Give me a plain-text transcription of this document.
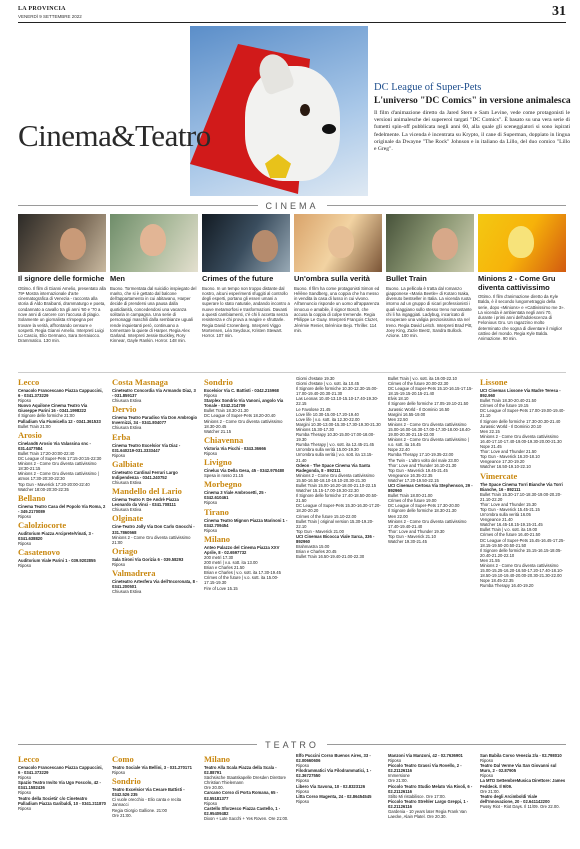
LA PROVINCIA
VENERDÌ 9 SETTEMBRE 2022	31
Cinema&Teatro
DC League of Super-Pets
L'universo "DC Comics" in versione animalesca
Il film d'animazione diretto da Jared Stern e Sam Levine, vede come protagonisti le versioni animalesche dei supereroi targati "DC Comics". È basato su una vera serie di fumetti spin-off pubblicata negli anni 60, alla quale gli sceneggiatori si sono ispirati fedelmente. La vicenda è incentrata su Krypto, il cane di Superman, doppiato in lingua originale da Dwayne "The Rock" Johnson e in italiano da Lillo, del duo comico "Lillo e Greg".
CINEMA
Il signore delle formiche
Ottimo. Il film di Gianni Amelio, presentato alla 79ª Mostra internazionale d'arte cinematografica di Venezia - racconta alla storia di Aldo Braibanti, drammaturgo e poeta, condannato a cavallo tra gli anni '60 e '70 a nove anni di carcere con l'accusa di plagio. Solamente un giornalista s'impegna per trovare la verità, affrontando censure e sospetti. Regia Gianni Amelio. Interpreti Luigi Lo Cascio, Elio Germano, Sara Serraiocco. Drammatico. 130 min.
Men
Buono. Tormentata dal suicidio inspiegato del marito, che si è gettato dal balcone dell'appartamento in cui abitavano, Harper decide di prendersi una pausa dalla quotidianità, concedendosi una vacanza solitaria in campagna. Una serie di personaggi maschili dalla sembianze uguali rende inquietanti però, continuano a tormentare la quiete di Harper. Regia Alex Garland. Interpreti Jessie Buckley, Rory Kinnear, Gayle Rankin. Horror. 148 min.
Crimes of the future
Buono. In un tempo non troppo distante dal nostro, alcuni esperimenti sfuggiti al controllo degli esperti, portano gli esseri umani a superare lo stato naturale, andando incontro a nuove metamorfosi e trasformazioni. Davanti a questi cambiamenti, c'è chi li accetta senza resistenza e chi prova a reagire e sfruttarle. Regia David Cronenberg. Interpreti Viggo Mortensen, Léa Seydoux, Kristen Stewart. Horror. 107 min.
Un'ombra sulla verità
Buono. Il film ha come protagonisti Simon ed Hélène Sandberg, una coppia che ha messo in vendita la casa di lusso in cui vivono. All'annuncio risponde un uomo all'apparenza innocuo e amabile, il signor Bosch, che accusa la coppia di colpe tremende. Regia Philippe Le Guay. Interpreti François Cluzet, Jérémie Renier, Bérénice Bejo. Thriller. 114 min.
Bullet Train
Buono. La pellicola è tratta dal romanzo giapponese «Maria Beetle» di Kotaro Isaka, divenuto bestseller in Italia. La vicenda ruota intorno ad un gruppo di sicari professionisti i quali viaggiano sullo stesso treno nonostante chi li ha ingaggiati. Ladybug, incaricato di recuperare una valigia preziosissima sta nel treno. Regia David Leitch. Interpreti Brad Pitt, Joey King, Zazie Beetz, Sandra Bullock. Azione. 100 min.
Minions 2 - Come Gru diventa cattivissimo
Ottimo. Il film d'animazione diretto da Kyle Balda, è il secondo lungometraggio della serie, dopo «Minions» e «Cattivissimo me 3». La vicenda è ambientata negli anni 70, durante i primi anni dell'adolescenza di Felonious Gru. Un ragazzino molto determinato che sogna di diventare il miglior cattivo del mondo. Regia Kyle Balda. Animazione. 90 min.
Lecco
Cenacolo Francescano Piazza Cappuccini, 6 - 0341.373229
Riposo
Nuovo Aquilone Cinema Teatro Via Giuseppe Parini 16 - 0341.1998222
Il Signore delle formiche 21:00
Palladium Via Fiumicella 12 - 0341.361533
Bullet Train 21:00
Arosio
Cineland6 Arosio Via Valassina snc - 031.4477584
Bullet Train 17:20-20:00-22:40
DC League of Super-Pets 17:15-20:15-22:30
Minions 2 - Come Gru diventa cattivissimo 18:30-21:15
Minions 2 - Come Gru diventa cattivissimo | atmos 17:30-20:30-22:30
Top Gun - Maverick 17:20-20:00-22:40
Watcher 18:00-20:30-22:35
Bellano
Cinema Teatro Casa del Popolo Via Roma, 2 - 349.2170089
Riposo
Calolziocorte
Auditorium Piazza Arciprete/Vinati, 3 - 0341.638820
Riposo
Casatenovo
Auditorium Viale Parini 1 - 039.9202855
Riposo
Costa Masnaga
Cineteatro Concordia Via Armando Diaz, 3 - 031.859137
Chiusura Estiva
Dervio
Cinema Teatro Paradiso Via Don Ambrogio Invernizzi, 34 - 0341.804077
Chiusura Estiva
Erba
Cinema Teatro Excelsior Via Diaz - 031.640219-031.3333447
Riposo
Galbiate
Cineteatro Cardinal Ferrari Largo Indipendenza - 0341.240752
Chiusura Estiva
Mandello del Lario
Cinema Teatro F. De Andrè Piazza Leonardo da Vinci - 0341.708111
Chiusura Estiva
Olginate
Cine-Teatro Jolly Via Don Carlo Gnocchi - 331.7860568
Minions 2 - Come Gru diventa cattivissimo 21:00
Oriago
Sala Sironi Via Gorizia 6 - 039.58293
Riposo
Valmadrera
Cineteatro Artesfera Via dell'Incoronata, 8 - 0341.200501
Chiusura Estiva
Sondrio
Excelsior Via C. Battisti - 0342.215968
Riposo
Starplex Sondrio Via Vanoni, angolo Via Tonale - 0342.214709
Bullet Train 18.30-21.30
DC League of Super-Pets 18.20-20.40
Minions 2 - Come Gru diventa cattivissimo 18.30-20.45
Watcher 21.15
Chiavenna
Victoria Via Picchi - 0343.36666
Riposo
Livigno
Cinelux Via Della Gesa, 45 - 0342.970480
Spesa in rosso 21.15
Morbegno
Cinema 3 Viale Ambrosetti, 25 - 0342.610461
Riposo
Tirano
Cinema Teatro Mignon Piazza Marinoni 1 - 0342.709454
Riposo
Milano
Anteo Palazzo del Cinema Piazza XXV Aprile, 8 - 02.6597732
200 metri 17.30
200 metri | v.o. sott. ita 13.00
Brian e Charles 21.50
Brian e Charles | v.o. sott. ita 17.30-19.45
Crimes of the future | v.o. sott. ita 15.00-17.15-19.30
Fire of Love 15.15
Giorni d'estate 19.30
Giorni d'estate | v.o. sott. ita 10.45
Il Signore delle formiche 10.30-12.30-15.00-17.00-19.40-20.30-21.30
Las Leonas 10.40-13.10-15.10-17.40-19.30-22.15
Le Favolose 21.45
Love life 10.30-15.00-17.20-19.40
Love life | v.o. sott. ita 12.30-22.00
Margini 10.30-13.00-15.30-17.30-19.30-21.30
Minions 15.30-17.30
Rumba Therapy 10.30-15.00-17.00-18.00-19.30
Rumba Therapy | v.o. sott. ita 12.45-21.45
Un'ombra sulla verità 15.00-19.30
Un'ombra sulla verità | v.o. sott. ita 13.15-21.40
Odeon - The Space Cinema Via Santa Radegonda, 8 - 892111
Minions 2 - Come Gru diventa cattivissimo 15.50-16.50-18.10-19.10-20.30-21.30
Bullet Train 15.00-16.20-18.00-21.10-22.15
Watcher 15.15-17.00-19.30-22.30
Il Signore delle formiche 17.40-18.50-20.50-21.50
DC League of Super-Pets 15.30-16.30-17.20-18.20-20.20
Crimes of the future 15.10-22.00
Bullet Train | original version 15.30-19.20-22.10
Top Gun - Maverick 21.00
UCI Cinemas Bicocca Viale Sarca, 336 - 892960
Brahmastra 15.00
Brian e Charles 20.45
Bullet Train 16.50-19.40-21.00-22.30
Bullet Train | v.o. sott. ita 19.00-22.10
Crimes of the future 20.00-22.30
DC League of Super-Pets 15.10-16.15-17.15-18.15-19.15-20.15-21.40
Elvis 18.10
Il Signore delle formiche 17.05-19.10-21.50
Jurassic World - Il Dominio 16.50
Margini 16.55-19.00
Men 22.50
Minions 2 - Come Gru diventa cattivissimo 15.00-16.00-16.30-17.00-17.30-18.00-18.40-19.00-20.30-21.15-22.00
Minions 2 - Come Gru diventa cattivissimo | v.o. sott. ita 16.45
Nope 22.40
Rumba Therapy 17.10-19.35-22.00
The Twin - L'altro volto del male 23.00
Thor: Love and Thunder 16.10-21.30
Top Gun - Maverick 19.45-21.45
Vengeance 16.35-22.35
Watcher 17.20-19.50-22.15
UCI Cinemas Certosa Via Stephenson, 29 - 892960
Bullet Train 18.00-21.00
Crimes of the future 19.00
DC League of Super-Pets 17.30-20.00
Il Signore delle formiche 18.30-21.30
Men 22.00
Minions 2 - Come Gru diventa cattivissimo 17.40-19.40-21.40
Thor: Love and Thunder 19.30
Top Gun - Maverick 21.10
Watcher 19.30-21.45
Lissone
UCI Cinemas Lissone Via Madre Teresa - 892.960
Bullet Train 18.30-20.40-21.50
Crimes of the future 19.15
DC League of Super-Pets 17.00-19.00-19.40-21.10
Il Signore delle formiche 17.30-20.30-21.40
Jurassic World - Il Dominio 20.10
Men 22.15
Minions 2 - Come Gru diventa cattivissimo 16.40-17.10-17.40-19.00-19.30-20.00-21.30
Nope 21.45
Thor: Love and Thunder 21.50
Top Gun - Maverick 16.20-18.10
Vengeance 17.20-19.20
Watcher 16.50-19.10-22.10
Vimercate
The Space Cinema Torri Bianche Via Torri Bianche, 16 - 892111
Bullet Train 15.30-17.10-18.30-19.00-20.20-21.10-22.20
Thor: Love and Thunder 15.30
Top Gun - Maverick 15.45-21.15
Un'ombra sulla verità 16.05
Vengeance 21.40
Watcher 16.45-18.15-19.15-21.45
Bullet Train | v.o. sott. ita 19.00
Crimes of the future 16.40-21.50
DC League of Super-Pets 15.45-16.45-17.25-18.15-19.50-20.50-21.50
Il Signore delle formiche 15.15-16.15-18.05-20.40-21.20-22.10
Men 21.55
Minions 2 - Come Gru diventa cattivissimo 15.00-15.25-16.20-16.50-17.20-17.40-18.10-18.50-19.10-19.40-20.00-20.30-21.30-22.00
Nope 18.45-22.35
Rumba Therapy 16.40-19.20
TEATRO
Lecco
Cenacolo Francescano Piazza Cappuccini, 6 - 0341.373229
Riposo
Spazio Teatro Invito Via Ugo Foscolo, 42 - 0341.1582436
Riposo
Teatro della Società' c/o Cineteatro Palladium Piazza Garibaldi, 10 - 0341.211870
Riposo
Como
Teatro Sociale Via Bellini, 3 - 031.270171
Riposo
Sondrio
Teatro Excelsior Via Cesare Battisti - 0342.526 235
Ci vuole orecchio - Elio canta e recita Jannacci
Regia Giorgio Gallione. 21:00
Ore 21:00.
Milano
Teatro Alla Scala Piazza della Scala - 02.88791
Sächsische Staatskapelle Dresden Direttore Christian Thielemann
Ore 20.00.
Carcano Corso di Porta Romana, 65 - 02.55181377
Riposo
Castello Sforzesco Piazza Castello, 1 - 02.95409482
Dixon + Lute Sacchi + Yes Roven. Ore 21:00.
Elfo Puccini Corso Buenos Aires, 33 - 02.00660606
Riposo
Filodrammatici Via Filodrammatici, 1 - 02.36727550
Riposo
Libero Via Savona, 10 - 02.8323126
Riposo
Litta Corso Magenta, 24 - 02.86454545
Riposo
Manzoni Via Manzoni, 42 - 02.7636901
Riposo
Piccolo Teatro Grassi Via Rovello, 2 - 02.21126116
Immersione
Ore 21:00.
Piccolo Teatro Studio Melato Via Rivoli, 6 - 02.21126116
Stilto Mi ristabilisce. Ore 17:00.
Piccolo Teatro Strehler Largo Greppi, 1 - 02.21126116
Gardenia - 10 years later Regia Frank Van Laecke, Alain Platel. Ore 20.30.
San Babila Corso Venezia 2/a - 02.798010
Riposo
Teatro Dal Verme Via San Giovanni sul Muro, 2 - 02.87905
Riposo
La MTD SettembreMusica Direttore: James Feddeck. Il 9/09.
Ore 21:00.
Teatro degli Arcimboldi Viale dell'Innovazione, 20 - 02.641142200
Pussy Riot - Riot Days. Il 11/09. Ore 22.00.
